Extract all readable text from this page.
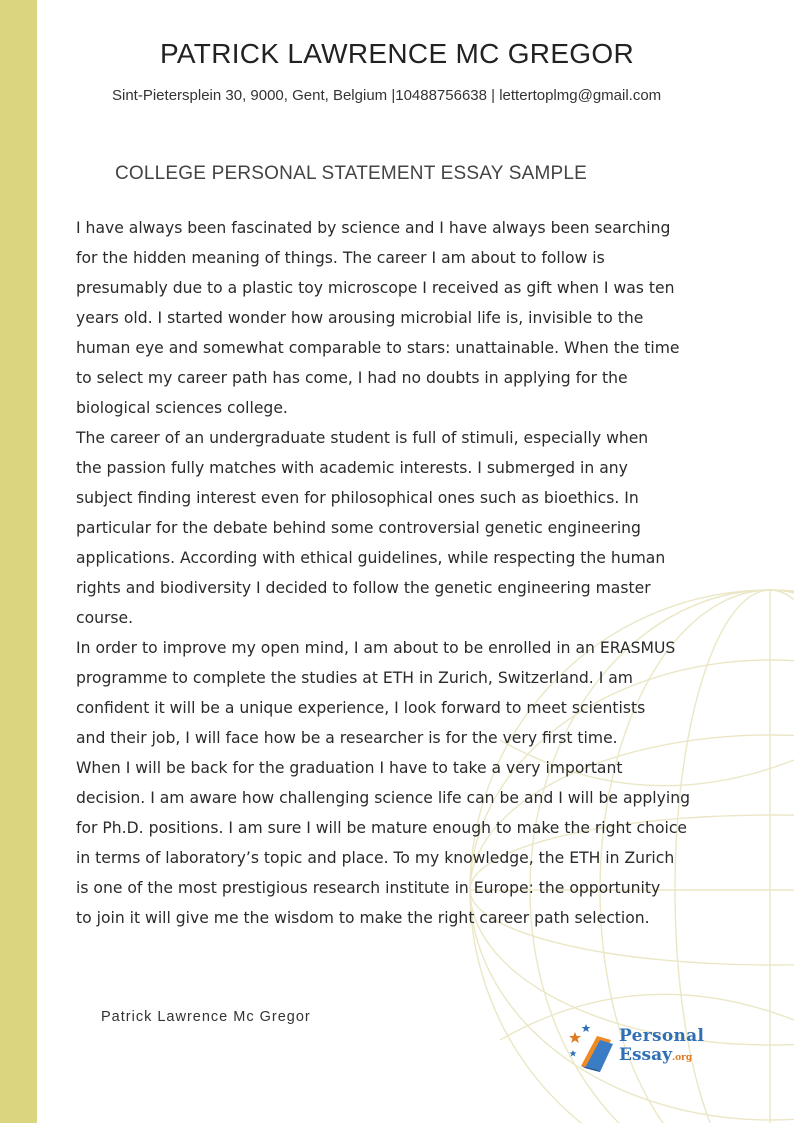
PATRICK LAWRENCE MC GREGOR
Sint-Pietersplein 30, 9000, Gent, Belgium |10488756638 | lettertoplmg@gmail.com
COLLEGE PERSONAL STATEMENT ESSAY SAMPLE

I have always been fascinated by science and I have always been searching

for the hidden meaning of things. The career I am about to follow is

presumably due to a plastic toy microscope I received as gift when I was ten

years old. I started wonder how arousing microbial life is, invisible to the

human eye and somewhat comparable to stars: unattainable. When the time

to select my career path has come, I had no doubts in applying for the

biological sciences college.

The career of an undergraduate student is full of stimuli, especially when

the passion fully matches with academic interests. I submerged in any

subject finding interest even for philosophical ones such as bioethics. In

particular for the debate behind some controversial genetic engineering

applications. According with ethical guidelines, while respecting the human

rights and biodiversity I decided to follow the genetic engineering master

course.

In order to improve my open mind, I am about to be enrolled in an ERASMUS

programme to complete the studies at ETH in Zurich, Switzerland. I am

confident it will be a unique experience, I look forward to meet scientists

and their job, I will face how be a researcher is for the very first time.

When I will be back for the graduation I have to take a very important

decision. I am aware how challenging science life can be and I will be applying

for Ph.D. positions. I am sure I will be mature enough to make the right choice

in terms of laboratory’s topic and place. To my knowledge, the ETH in Zurich

is one of the most prestigious research institute in Europe: the opportunity

to join it will give me the wisdom to make the right career path selection.

Patrick Lawrence Mc Gregor
Personal
Essay.org
